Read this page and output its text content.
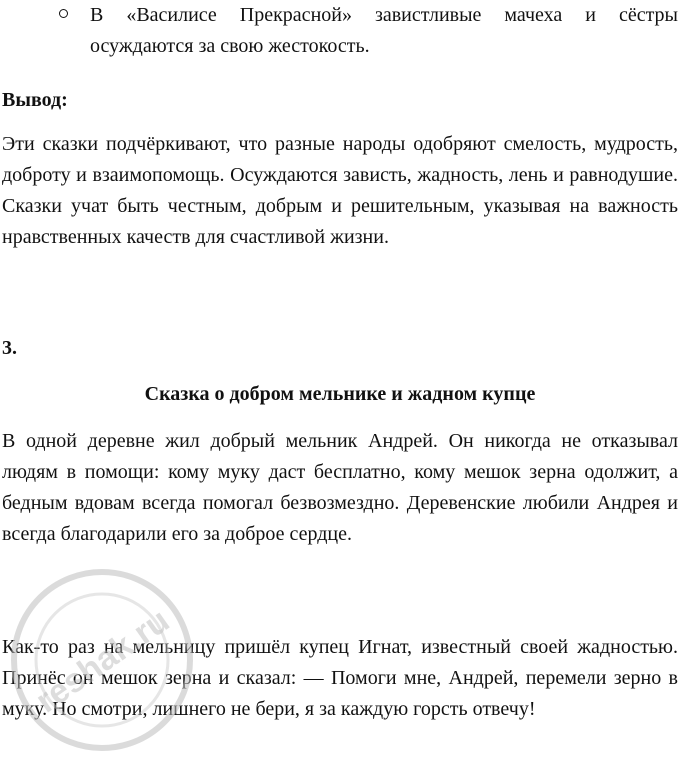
В «Василисе Прекрасной» завистливые мачеха и сёстры осуждаются за свою жестокость.

Вывод:

Эти сказки подчёркивают, что разные народы одобряют смелость, мудрость, доброту и взаимопомощь. Осуждаются зависть, жадность, лень и равнодушие. Сказки учат быть честным, добрым и решительным, указывая на важность нравственных качеств для счастливой жизни.

3.

Сказка о добром мельнике и жадном купце

В одной деревне жил добрый мельник Андрей. Он никогда не отказывал людям в помощи: кому муку даст бесплатно, кому мешок зерна одолжит, а бедным вдовам всегда помогал безвозмездно. Деревенские любили Андрея и всегда благодарили его за доброе сердце.

Как-то раз на мельницу пришёл купец Игнат, известный своей жадностью. Принёс он мешок зерна и сказал: — Помоги мне, Андрей, перемели зерно в муку. Но смотри, лишнего не бери, я за каждую горсть отвечу!

reshak.ru
